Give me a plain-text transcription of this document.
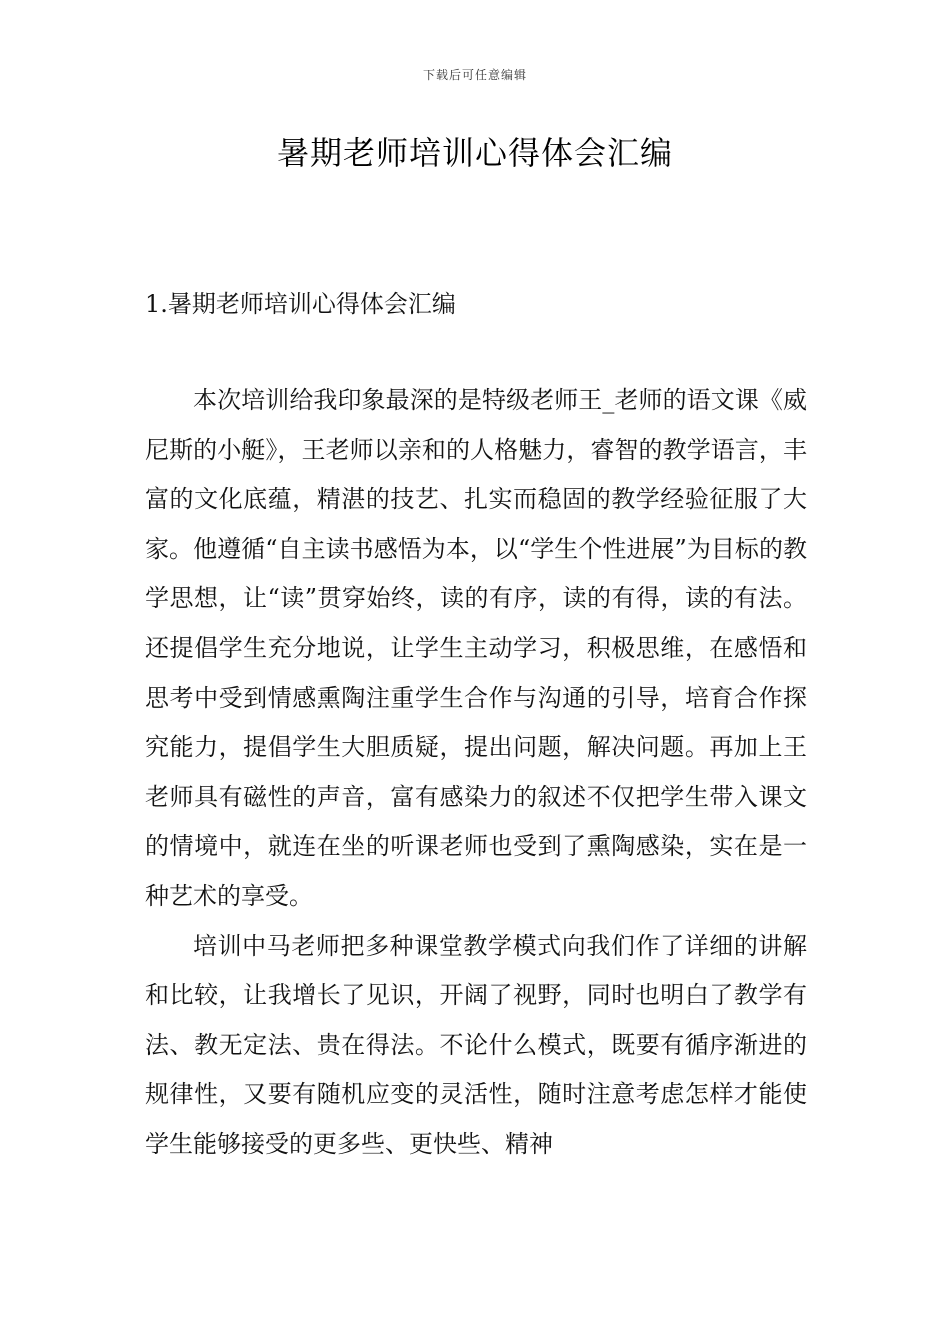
下载后可任意编辑
暑期老师培训心得体会汇编
1.暑期老师培训心得体会汇编

本次培训给我印象最深的是特级老师王_老师的语文课《威尼斯的小艇》，王老师以亲和的人格魅力，睿智的教学语言，丰富的文化底蕴，精湛的技艺、扎实而稳固的教学经验征服了大家。他遵循“自主读书感悟为本，以“学生个性进展”为目标的教学思想，让“读”贯穿始终，读的有序，读的有得，读的有法。还提倡学生充分地说，让学生主动学习，积极思维，在感悟和思考中受到情感熏陶注重学生合作与沟通的引导，培育合作探究能力，提倡学生大胆质疑，提出问题，解决问题。再加上王老师具有磁性的声音，富有感染力的叙述不仅把学生带入课文的情境中，就连在坐的听课老师也受到了熏陶感染，实在是一种艺术的享受。

培训中马老师把多种课堂教学模式向我们作了详细的讲解和比较，让我增长了见识，开阔了视野，同时也明白了教学有法、教无定法、贵在得法。不论什么模式，既要有循序渐进的规律性，又要有随机应变的灵活性，随时注意考虑怎样才能使学生能够接受的更多些、更快些、精神
